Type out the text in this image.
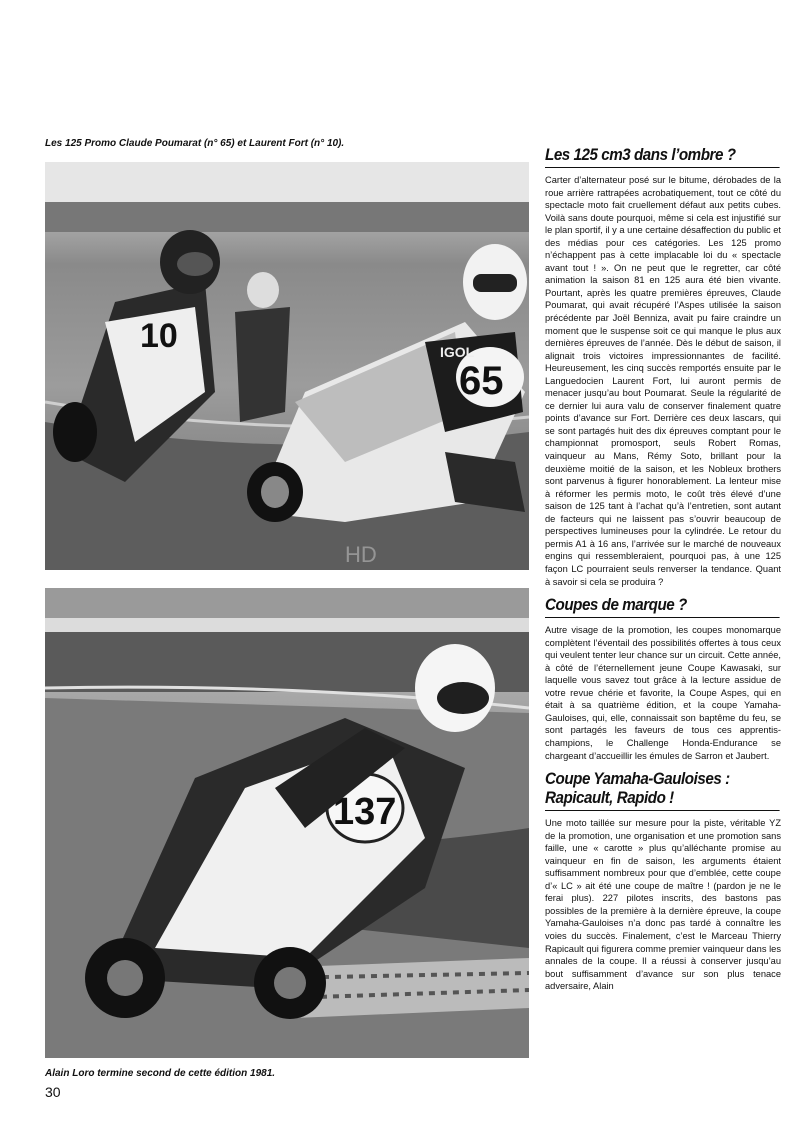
Les 125 Promo Claude Poumarat (n° 65) et Laurent Fort (n° 10).
10
65
IGOL
HD
137
Alain Loro termine second de cette édition 1981.
Les 125 cm3 dans l’ombre ?

Carter d’alternateur posé sur le bitume, dérobades de la roue arrière rattrapées acrobatiquement, tout ce côté du spectacle moto fait cruellement défaut aux petits cubes. Voilà sans doute pourquoi, même si cela est injustifié sur le plan sportif, il y a une certaine désaffection du public et des médias pour ces catégories. Les 125 promo n’échappent pas à cette implacable loi du « spectacle avant tout ! ». On ne peut que le regretter, car côté animation la saison 81 en 125 aura été bien vivante. Pourtant, après les quatre premières épreuves, Claude Poumarat, qui avait récupéré l’Aspes utilisée la saison précédente par Joël Benniza, avait pu faire craindre un moment que le suspense soit ce qui manque le plus aux dernières épreuves de l’année. Dès le début de saison, il alignait trois victoires impressionnantes de facilité. Heureusement, les cinq succès remportés ensuite par le Languedocien Laurent Fort, lui auront permis de menacer jusqu’au bout Poumarat. Seule la régularité de ce dernier lui aura valu de conserver finalement quatre points d’avance sur Fort. Derrière ces deux lascars, qui se sont partagés huit des dix épreuves comptant pour le championnat promosport, seuls Robert Romas, vainqueur au Mans, Rémy Soto, brillant pour la deuxième moitié de la saison, et les Nobleux brothers sont parvenus à figurer honorablement. La lenteur mise à réformer les permis moto, le coût très élevé d’une saison de 125 tant à l’achat qu’à l’entretien, sont autant de facteurs qui ne laissent pas s’ouvrir beaucoup de perspectives lumineuses pour la cylindrée. Le retour du permis A1 à 16 ans, l’arrivée sur le marché de nouveaux engins qui ressembleraient, pourquoi pas, à une 125 façon LC pourraient seuls renverser la tendance. Quant à savoir si cela se produira ?

Coupes de marque ?

Autre visage de la promotion, les coupes monomarque complètent l’éventail des possibilités offertes à tous ceux qui veulent tenter leur chance sur un circuit. Cette année, à côté de l’éternellement jeune Coupe Kawasaki, sur laquelle vous savez tout grâce à la lecture assidue de votre revue chérie et favorite, la Coupe Aspes, qui en était à sa quatrième édition, et la coupe Yamaha-Gauloises, qui, elle, connaissait son baptême du feu, se sont partagés les faveurs de tous ces apprentis-champions, le Challenge Honda-Endurance se chargeant d’accueillir les émules de Sarron et Jaubert.

Coupe Yamaha-Gauloises : Rapicault, Rapido !

Une moto taillée sur mesure pour la piste, véritable YZ de la promotion, une organisation et une promotion sans faille, une « carotte » plus qu’alléchante promise au vainqueur en fin de saison, les arguments étaient suffisamment nombreux pour que d’emblée, cette coupe d’« LC » ait été une coupe de maître ! (pardon je ne le ferai plus). 227 pilotes inscrits, des bastons pas possibles de la première à la dernière épreuve, la coupe Yamaha-Gauloises n’a donc pas tardé à connaître les voies du succès. Finalement, c’est le Marceau Thierry Rapicault qui figurera comme premier vainqueur dans les annales de la coupe. Il a réussi à conserver jusqu’au bout suffisamment d’avance sur son plus tenace adversaire, Alain

30
